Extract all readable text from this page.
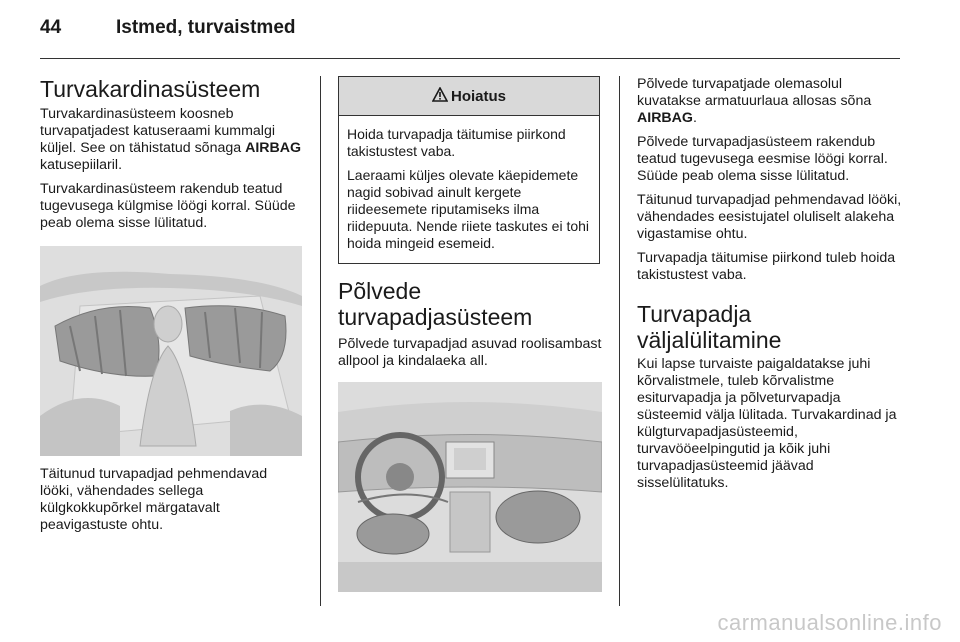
44	Istmed, turvaistmed
Turvakardinasüsteem

Turvakardinasüsteem koosneb turvapatjadest katuseraami kummalgi küljel. See on tähistatud sõnaga AIRBAG katusepiilaril.

Turvakardinasüsteem rakendub teatud tugevusega külgmise löögi korral. Süüde peab olema sisse lülitatud.

Täitunud turvapadjad pehmendavad lööki, vähendades sellega külgkokkupõrkel märgatavalt peavigastuste ohtu.

Hoiatus

Hoida turvapadja täitumise piirkond takistustest vaba.

Laeraami küljes olevate käepidemete nagid sobivad ainult kergete riideesemete riputamiseks ilma riidepuuta. Nende riiete taskutes ei tohi hoida mingeid esemeid.

Põlvede turvapadjasüsteem

Põlvede turvapadjad asuvad roolisambast allpool ja kindalaeka all.

Põlvede turvapatjade olemasolul kuvatakse armatuurlaua allosas sõna AIRBAG.

Põlvede turvapadjasüsteem rakendub teatud tugevusega eesmise löögi korral. Süüde peab olema sisse lülitatud.

Täitunud turvapadjad pehmendavad lööki, vähendades eesistujatel oluliselt alakeha vigastamise ohtu.

Turvapadja täitumise piirkond tuleb hoida takistustest vaba.

Turvapadja väljalülitamine

Kui lapse turvaiste paigaldatakse juhi kõrvalistmele, tuleb kõrvalistme esiturvapadja ja põlveturvapadja süsteemid välja lülitada. Turvakardinad ja külgturvapadjasüsteemid, turvavööeelpingutid ja kõik juhi turvapadjasüsteemid jäävad sisselülitatuks.

carmanualsonline.info
